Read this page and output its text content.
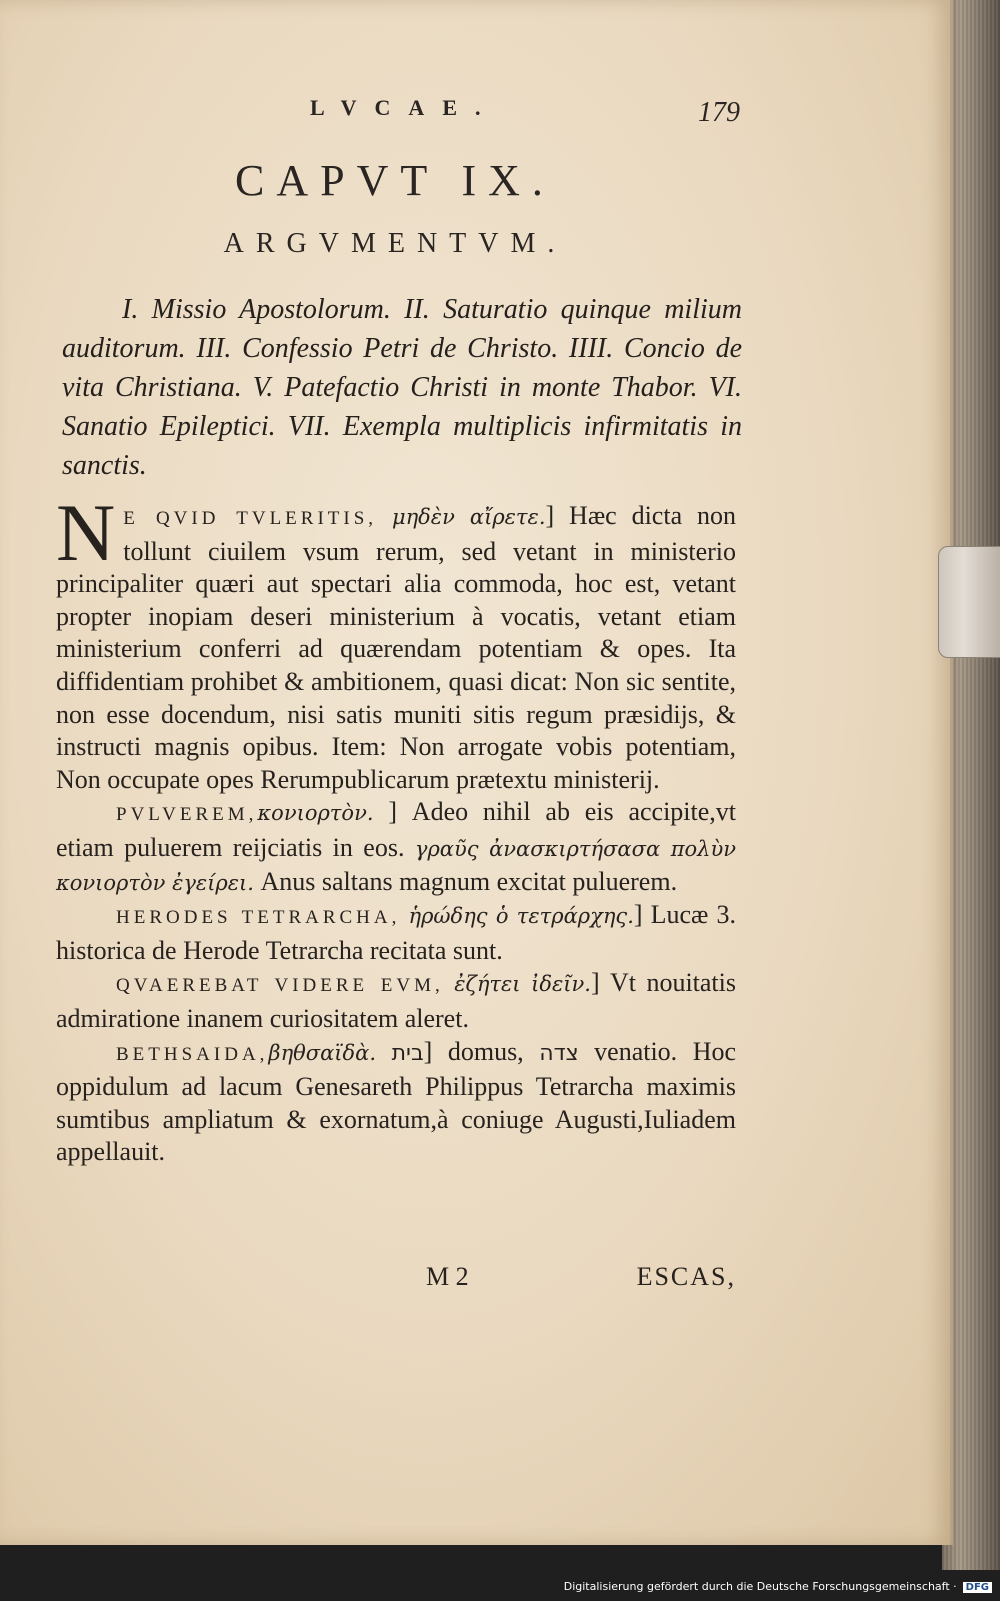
LVCAE.	179
CAPVT IX.
ARGVMENTVM.
I. Missio Apostolorum. II. Saturatio quinque milium auditorum. III. Confessio Petri de Christo. IIII. Concio de vita Christiana. V. Patefactio Christi in monte Thabor. VI. Sanatio Epileptici. VII. Exempla multiplicis infirmitatis in sanctis.

N E QVID TVLERITIS, μηδὲν αἴρετε.] Hæc dicta non tollunt ciuilem vsum rerum, sed vetant in ministerio principaliter quæri aut spectari alia commoda, hoc est, vetant propter inopiam deseri ministerium à vocatis, vetant etiam ministerium conferri ad quærendam potentiam & opes. Ita diffidentiam prohibet & ambitionem, quasi dicat: Non sic sentite, non esse docendum, nisi satis muniti sitis regum præsidijs, & instructi magnis opibus. Item: Non arrogate vobis potentiam, Non occupate opes Rerumpublicarum prætextu ministerij.

PVLVEREM,κονιορτὸν. ] Adeo nihil ab eis accipite,vt etiam puluerem reijciatis in eos. γραῦς ἀνασκιρτήσασα πολὺν κονιορτὸν ἐγείρει. Anus saltans magnum excitat puluerem.

HERODES TETRARCHA, ἡρώδης ὁ τετράρχης.] Lucæ 3. historica de Herode Tetrarcha recitata sunt.

QVAEREBAT VIDERE EVM, ἐζήτει ἰδεῖν.] Vt nouitatis admiratione inanem curiositatem aleret.

BETHSAIDA,βηθσαϊδὰ. בית] domus, צדה venatio. Hoc oppidulum ad lacum Genesareth Philippus Tetrarcha maximis sumtibus ampliatum & exornatum,à coniuge Augusti,Iuliadem appellauit.

M 2	ESCAS,
Digitalisierung gefördert durch die Deutsche Forschungsgemeinschaft · DFG
